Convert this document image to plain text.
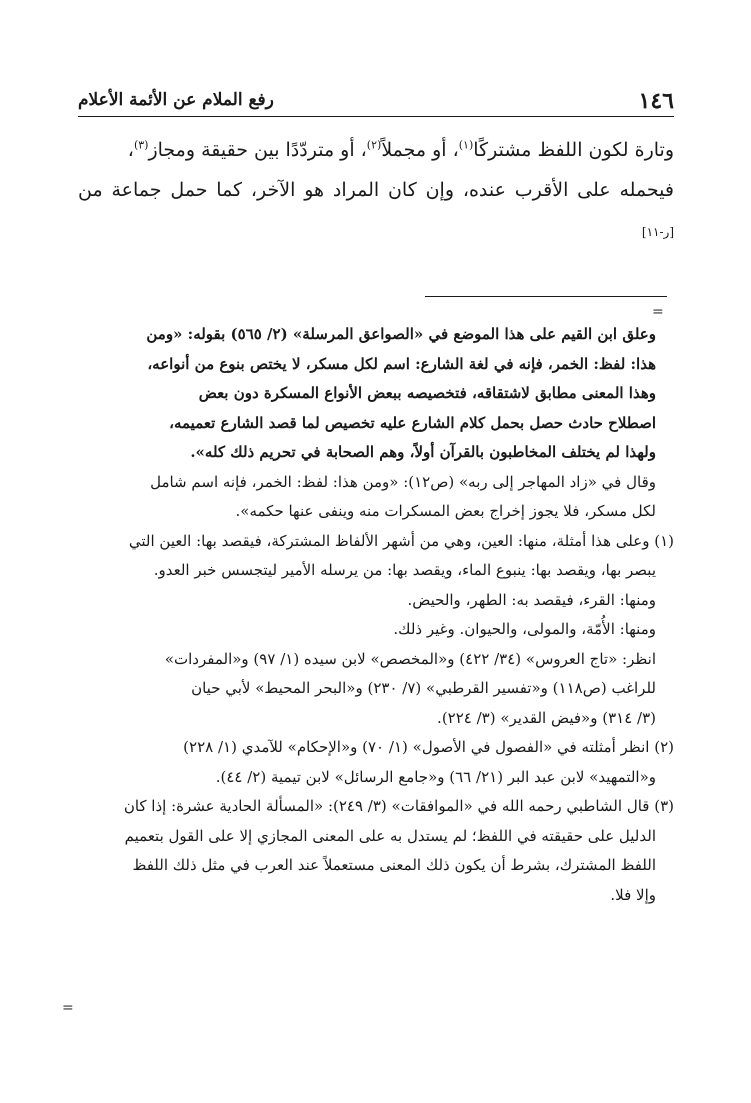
١٤٦
رفع الملام عن الأئمة الأعلام

وتارة لكون اللفظ مشتركًا$^{(١)}$، أو مجملاً$^{(٢)}$، أو متردّدًا بين حقيقة ومجاز$^{(٣)}$،

فيحمله على الأقرب عنده، وإن كان المراد هو الآخر، كما حمل جماعة من [ر-١١]

=

وعلق ابن القيم على هذا الموضع في «الصواعق المرسلة» (٢/ ٥٦٥) بقوله: «ومن

هذا: لفظ: الخمر، فإنه في لغة الشارع: اسم لكل مسكر، لا يختص بنوع من أنواعه،

وهذا المعنى مطابق لاشتقاقه، فتخصيصه ببعض الأنواع المسكرة دون بعض

اصطلاح حادث حصل بحمل كلام الشارع عليه تخصيص لما قصد الشارع تعميمه،

ولهذا لم يختلف المخاطبون بالقرآن أولاً، وهم الصحابة في تحريم ذلك كله».

وقال في «زاد المهاجر إلى ربه» (ص١٢): «ومن هذا: لفظ: الخمر، فإنه اسم شامل

لكل مسكر، فلا يجوز إخراج بعض المسكرات منه وينفى عنها حكمه».

(١) وعلى هذا أمثلة، منها: العين، وهي من أشهر الألفاظ المشتركة، فيقصد بها: العين التي

يبصر بها، ويقصد بها: ينبوع الماء، ويقصد بها: من يرسله الأمير ليتجسس خبر العدو.

ومنها: القرء، فيقصد به: الطهر، والحيض.

ومنها: الأُمّة، والمولى، والحيوان. وغير ذلك.

انظر: «تاج العروس» (٣٤/ ٤٢٢) و«المخصص» لابن سيده (١/ ٩٧) و«المفردات»

للراغب (ص١١٨) و«تفسير القرطبي» (٧/ ٢٣٠) و«البحر المحيط» لأبي حيان

(٣/ ٣١٤) و«فيض القدير» (٣/ ٢٢٤).

(٢) انظر أمثلته في «الفصول في الأصول» (١/ ٧٠) و«الإحكام» للآمدي (١/ ٢٢٨)

و«التمهيد» لابن عبد البر (٢١/ ٦٦) و«جامع الرسائل» لابن تيمية (٢/ ٤٤).

(٣) قال الشاطبي رحمه الله في «الموافقات» (٣/ ٢٤٩): «المسألة الحادية عشرة: إذا كان

الدليل على حقيقته في اللفظ؛ لم يستدل به على المعنى المجازي إلا على القول بتعميم

اللفظ المشترك، بشرط أن يكون ذلك المعنى مستعملاً عند العرب في مثل ذلك اللفظ

وإلا فلا.

=
